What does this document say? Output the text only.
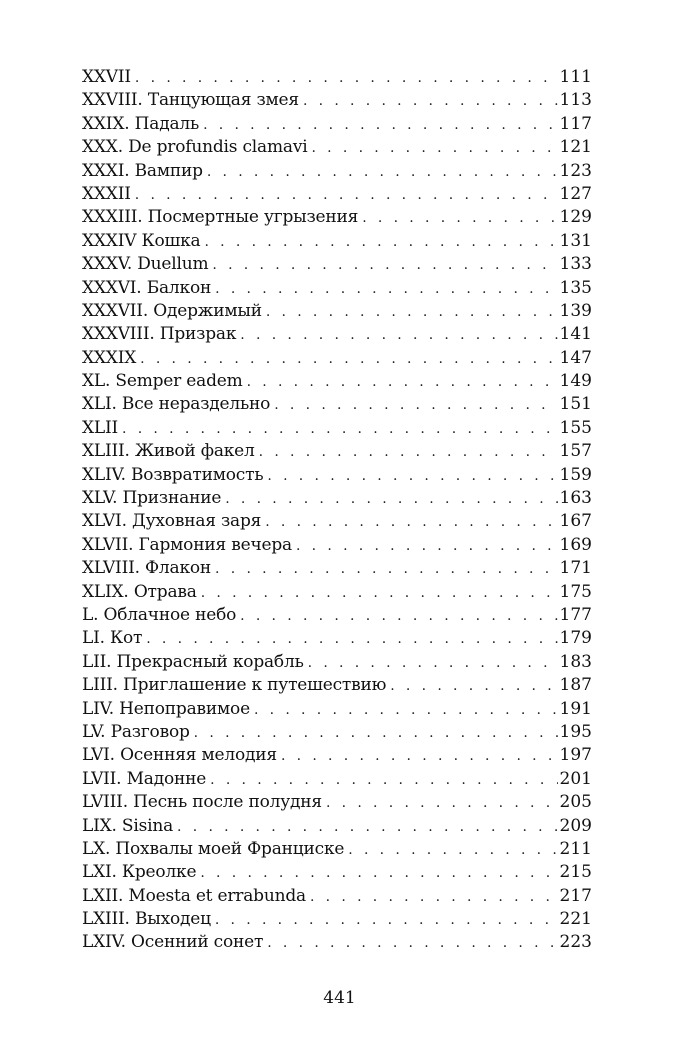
XXVII . . .	111
XXVIII. Танцующая змея . . .	113
XXIX. Падаль . . .	117
XXX. De profundis clamavi . . .	121
XXXI. Вампир . . .	123
XXXII . . .	127
XXXIII. Посмертные угрызения . . .	129
XXXIV Кошка . . .	131
XXXV. Duellum . . .	133
XXXVI. Балкон . . .	135
XXXVII. Одержимый . . .	139
XXXVIII. Призрак . . .	141
XXXIX . . .	147
XL. Semper eadem . . .	149
XLI. Все нераздельно . . .	151
XLII . . .	155
XLIII. Живой факел . . .	157
XLIV. Возвратимость . . .	159
XLV. Признание . . .	163
XLVI. Духовная заря . . .	167
XLVII. Гармония вечера . . .	169
XLVIII. Флакон . . .	171
XLIX. Отрава . . .	175
L. Облачное небо . . .	177
LI. Кот . . .	179
LII. Прекрасный корабль . . .	183
LIII. Приглашение к путешествию . . .	187
LIV. Непоправимое . . .	191
LV. Разговор . . .	195
LVI. Осенняя мелодия . . .	197
LVII. Мадонне . . .	201
LVIII. Песнь после полудня . . .	205
LIX. Sisina . . .	209
LX. Похвалы моей Франциске . . .	211
LXI. Креолке . . .	215
LXII. Moesta et errabunda . . .	217
LXIII. Выходец . . .	221
LXIV. Осенний сонет . . .	223
441
